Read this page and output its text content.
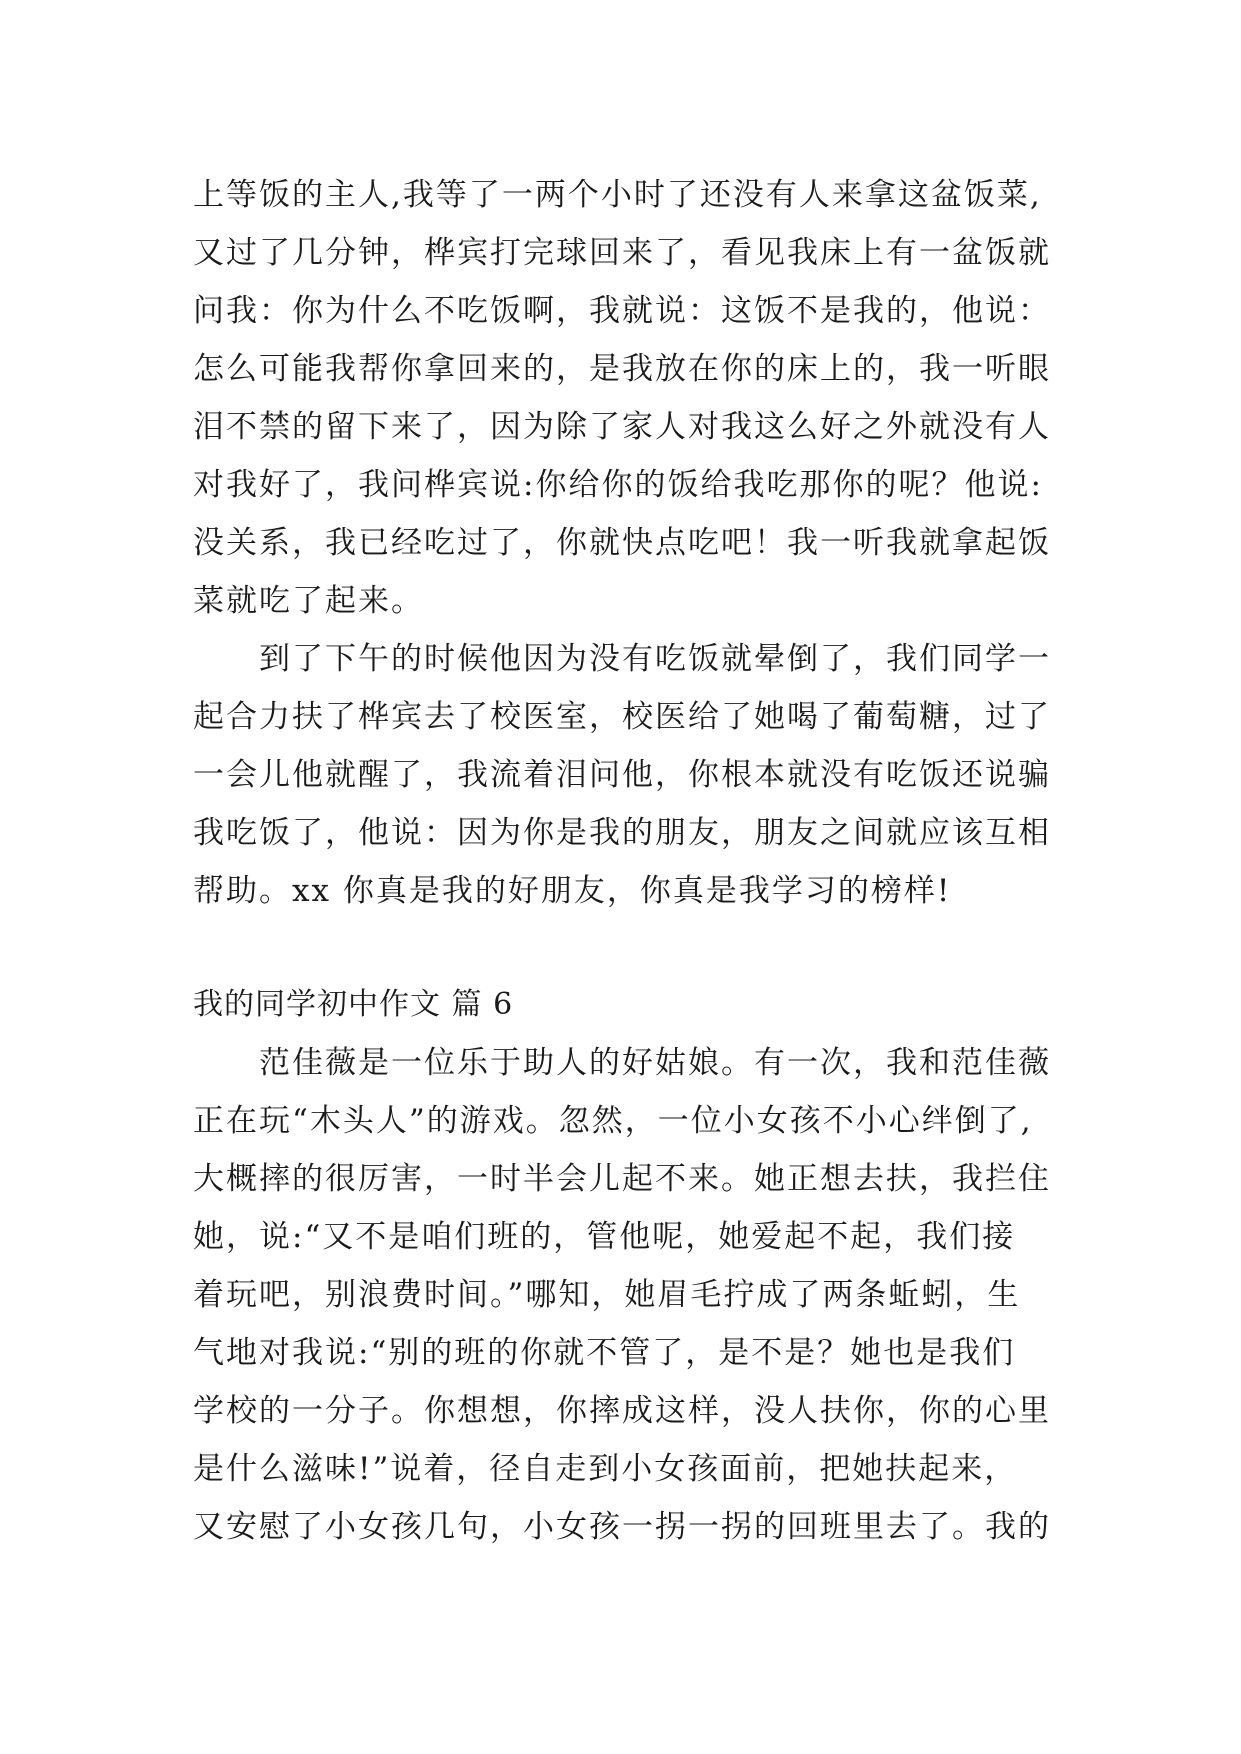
上等饭的主人,我等了一两个小时了还没有人来拿这盆饭菜,
又过了几分钟，桦宾打完球回来了，看见我床上有一盆饭就
问我：你为什么不吃饭啊，我就说：这饭不是我的，他说：
怎么可能我帮你拿回来的，是我放在你的床上的，我一听眼
泪不禁的留下来了，因为除了家人对我这么好之外就没有人
对我好了，我问桦宾说:你给你的饭给我吃那你的呢？他说:
没关系，我已经吃过了，你就快点吃吧！我一听我就拿起饭
菜就吃了起来。
　　到了下午的时候他因为没有吃饭就晕倒了，我们同学一
起合力扶了桦宾去了校医室，校医给了她喝了葡萄糖，过了
一会儿他就醒了，我流着泪问他，你根本就没有吃饭还说骗
我吃饭了，他说：因为你是我的朋友，朋友之间就应该互相
帮助。xx 你真是我的好朋友，你真是我学习的榜样!
我的同学初中作文 篇 6
　　范佳薇是一位乐于助人的好姑娘。有一次，我和范佳薇
正在玩“木头人”的游戏。忽然，一位小女孩不小心绊倒了,
大概摔的很厉害，一时半会儿起不来。她正想去扶，我拦住
她，说:“又不是咱们班的，管他呢，她爱起不起，我们接
着玩吧，别浪费时间。”哪知，她眉毛拧成了两条蚯蚓，生
气地对我说:“别的班的你就不管了，是不是？她也是我们
学校的一分子。你想想，你摔成这样，没人扶你，你的心里
是什么滋味!”说着，径自走到小女孩面前，把她扶起来，
又安慰了小女孩几句，小女孩一拐一拐的回班里去了。我的
